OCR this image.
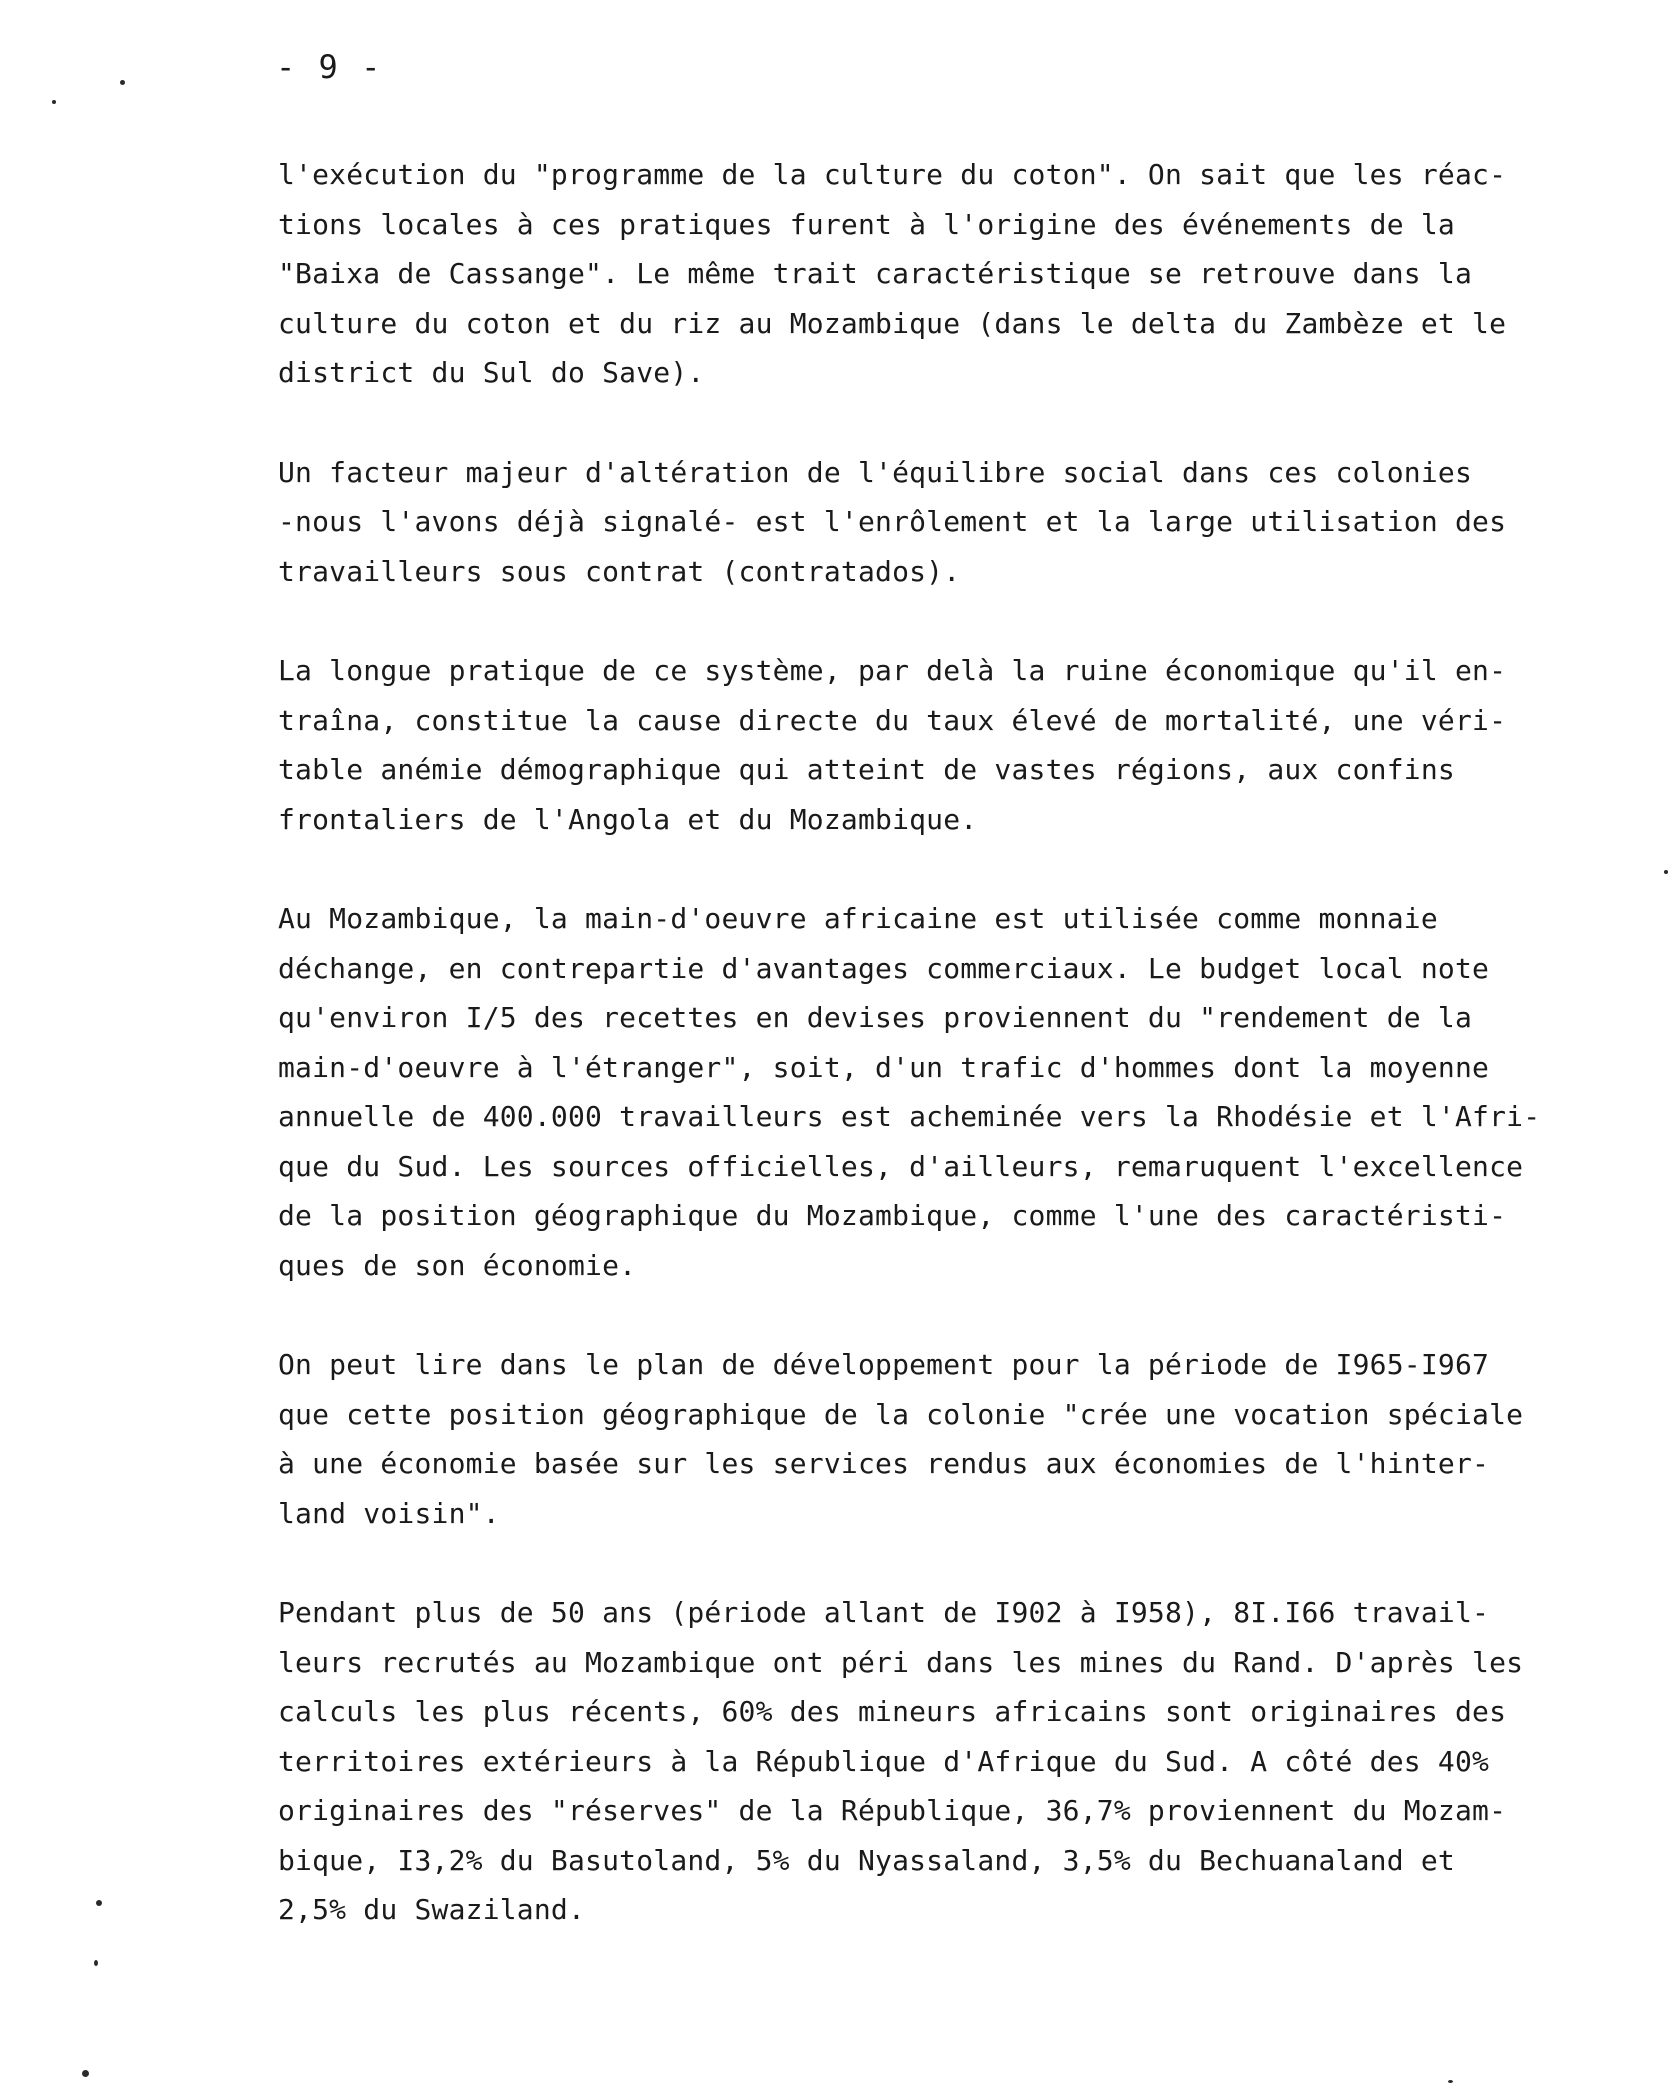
- 9 -
l'exécution du "programme de la culture du coton". On sait que les réac-
tions locales à ces pratiques furent à l'origine des événements de la
"Baixa de Cassange". Le même trait caractéristique se retrouve dans la
culture du coton et du riz au Mozambique (dans le delta du Zambèze et le
district du Sul do Save).
Un facteur majeur d'altération de l'équilibre social dans ces colonies
-nous l'avons déjà signalé- est l'enrôlement et la large utilisation des
travailleurs sous contrat (contratados).
La longue pratique de ce système, par delà la ruine économique qu'il en-
traîna, constitue la cause directe du taux élevé de mortalité, une véri-
table anémie démographique qui atteint de vastes régions, aux confins
frontaliers de l'Angola et du Mozambique.
Au Mozambique, la main-d'oeuvre africaine est utilisée comme monnaie
déchange, en contrepartie d'avantages commerciaux. Le budget local note
qu'environ I/5 des recettes en devises proviennent du "rendement de la
main-d'oeuvre à l'étranger", soit, d'un trafic d'hommes dont la moyenne
annuelle de 400.000 travailleurs est acheminée vers la Rhodésie et l'Afri-
que du Sud. Les sources officielles, d'ailleurs, remaruquent l'excellence
de la position géographique du Mozambique, comme l'une des caractéristi-
ques de son économie.
On peut lire dans le plan de développement pour la période de I965-I967
que cette position géographique de la colonie "crée une vocation spéciale
à une économie basée sur les services rendus aux économies de l'hinter-
land voisin".
Pendant plus de 50 ans (période allant de I902 à I958), 8I.I66 travail-
leurs recrutés au Mozambique ont péri dans les mines du Rand. D'après les
calculs les plus récents, 60% des mineurs africains sont originaires des
territoires extérieurs à la République d'Afrique du Sud. A côté des 40%
originaires des "réserves" de la République, 36,7% proviennent du Mozam-
bique, I3,2% du Basutoland, 5% du Nyassaland, 3,5% du Bechuanaland et
2,5% du Swaziland.
